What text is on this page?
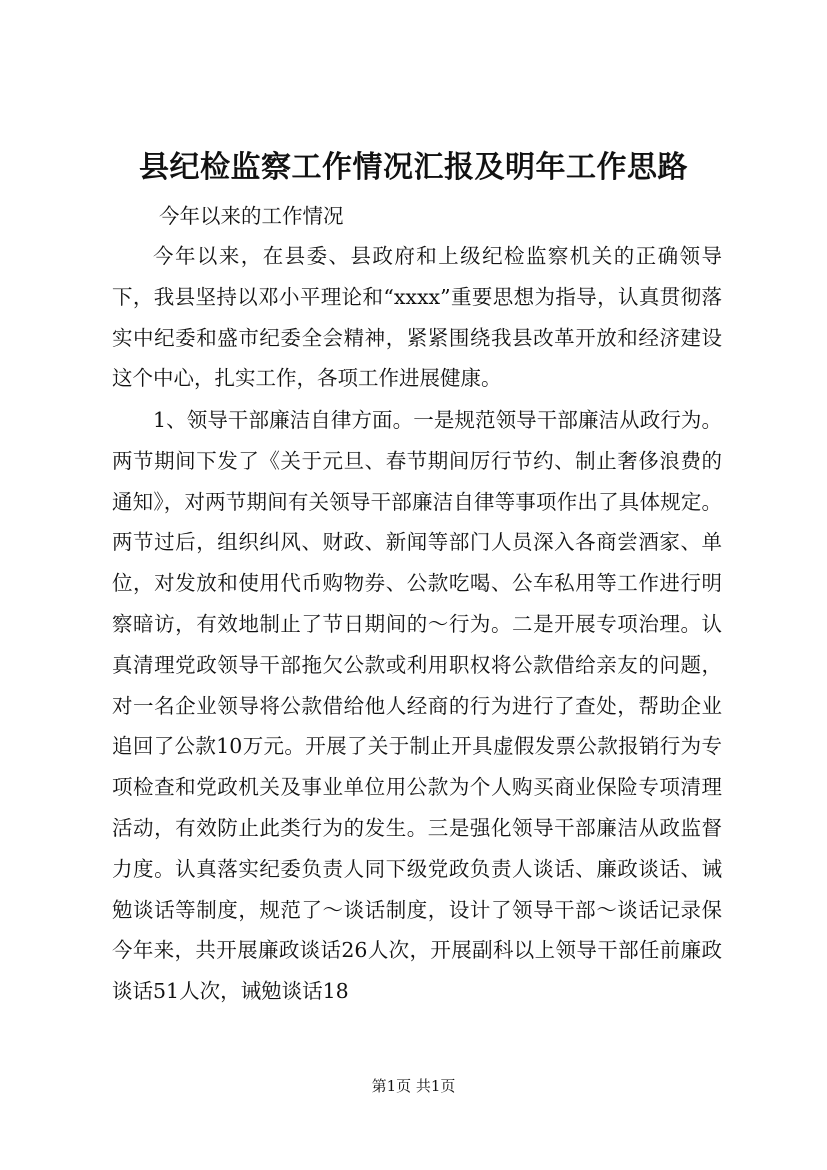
县纪检监察工作情况汇报及明年工作思路

今年以来的工作情况

今年以来，在县委、县政府和上级纪检监察机关的正确领导下，我县坚持以邓小平理论和“xxxx”重要思想为指导，认真贯彻落实中纪委和盛市纪委全会精神，紧紧围绕我县改革开放和经济建设这个中心，扎实工作，各项工作进展健康。

1、领导干部廉洁自律方面。一是规范领导干部廉洁从政行为。两节期间下发了《关于元旦、春节期间厉行节约、制止奢侈浪费的通知》，对两节期间有关领导干部廉洁自律等事项作出了具体规定。两节过后，组织纠风、财政、新闻等部门人员深入各商尝酒家、单位，对发放和使用代币购物券、公款吃喝、公车私用等工作进行明察暗访，有效地制止了节日期间的～行为。二是开展专项治理。认真清理党政领导干部拖欠公款或利用职权将公款借给亲友的问题，对一名企业领导将公款借给他人经商的行为进行了查处，帮助企业追回了公款10万元。开展了关于制止开具虚假发票公款报销行为专项检查和党政机关及事业单位用公款为个人购买商业保险专项清理活动，有效防止此类行为的发生。三是强化领导干部廉洁从政监督力度。认真落实纪委负责人同下级党政负责人谈话、廉政谈话、诫勉谈话等制度，规范了～谈话制度，设计了领导干部～谈话记录保今年来，共开展廉政谈话26人次，开展副科以上领导干部任前廉政谈话51人次，诫勉谈话18

第1页 共1页
